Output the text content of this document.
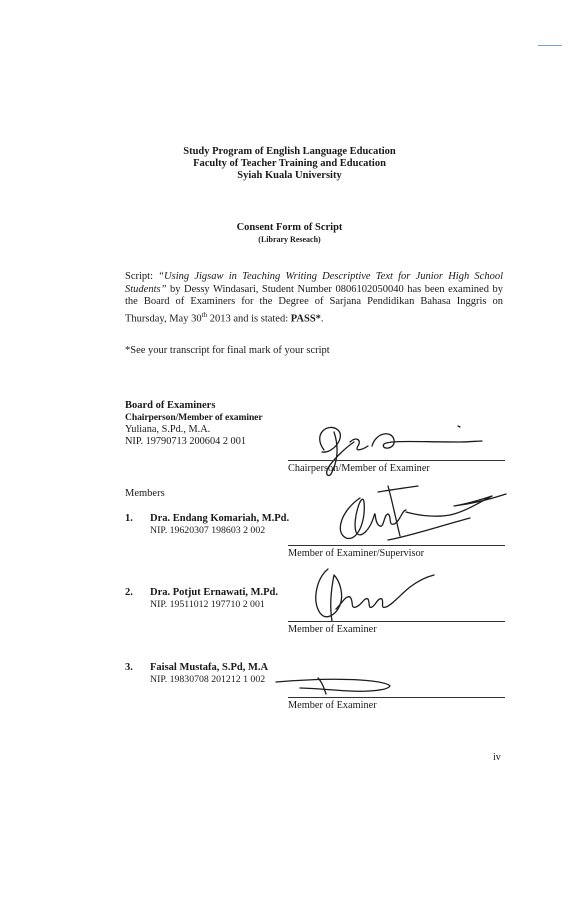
Study Program of English Language Education
Faculty of Teacher Training and Education
Syiah Kuala University
Consent Form of Script
(Library Reseach)
Script: “Using Jigsaw in Teaching Writing Descriptive Text for Junior High School Students” by Dessy Windasari, Student Number 0806102050040 has been examined by the Board of Examiners for the Degree of Sarjana Pendidikan Bahasa Inggris on Thursday, May 30th 2013 and is stated: PASS*.
*See your transcript for final mark of your script
Board of Examiners
Chairperson/Member of examiner
Yuliana, S.Pd., M.A.
NIP. 19790713 200604 2 001
Chairperson/Member of Examiner
Members
1. Dra. Endang Komariah, M.Pd.
NIP. 19620307 198603 2 002
Member of Examiner/Supervisor
2. Dra. Potjut Ernawati, M.Pd.
NIP. 19511012 197710 2 001
Member of Examiner
3. Faisal Mustafa, S.Pd, M.A
NIP. 19830708 201212 1 002
Member of Examiner
iv
